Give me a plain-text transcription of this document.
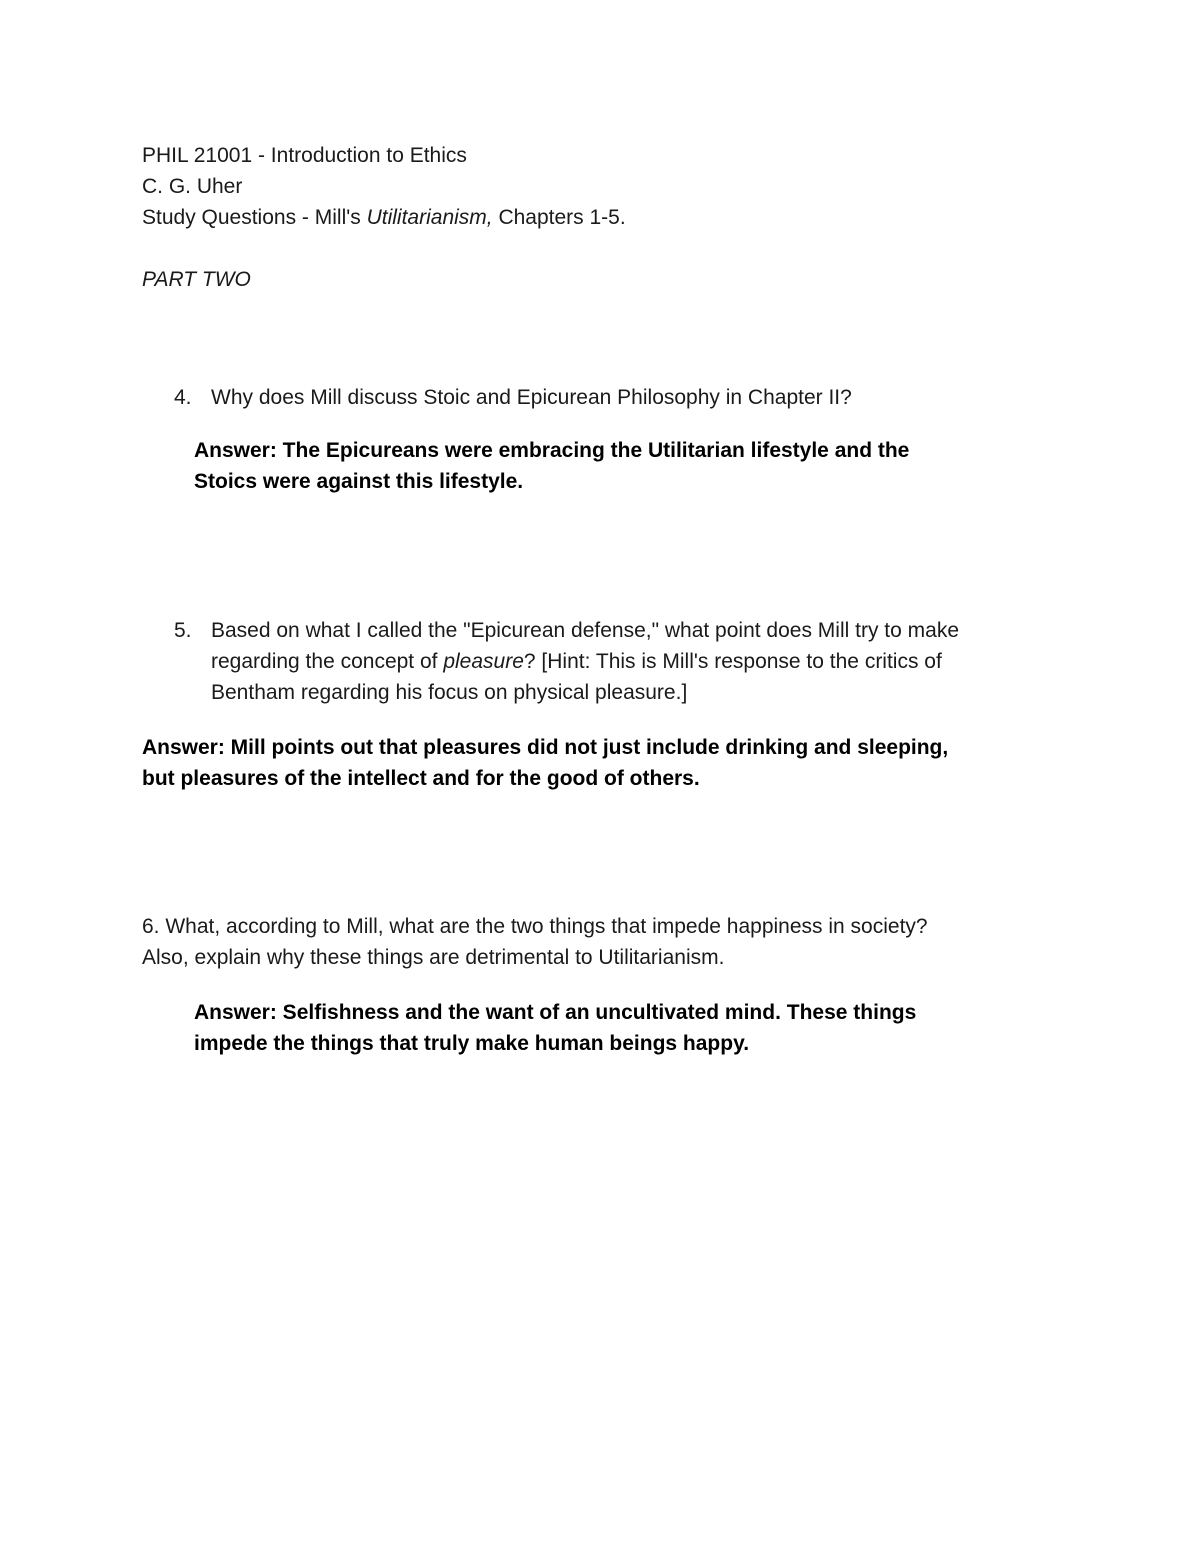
PHIL 21001 - Introduction to Ethics
C. G. Uher
Study Questions - Mill's Utilitarianism, Chapters 1-5.
PART TWO
4. Why does Mill discuss Stoic and Epicurean Philosophy in Chapter II?
Answer: The Epicureans were embracing the Utilitarian lifestyle and the
Stoics were against this lifestyle.
5. Based on what I called the "Epicurean defense," what point does Mill try to make
regarding the concept of pleasure? [Hint: This is Mill's response to the critics of
Bentham regarding his focus on physical pleasure.]
Answer: Mill points out that pleasures did not just include drinking and sleeping,
but pleasures of the intellect and for the good of others.
6. What, according to Mill, what are the two things that impede happiness in society?
Also, explain why these things are detrimental to Utilitarianism.
Answer: Selfishness and the want of an uncultivated mind. These things
impede the things that truly make human beings happy.
